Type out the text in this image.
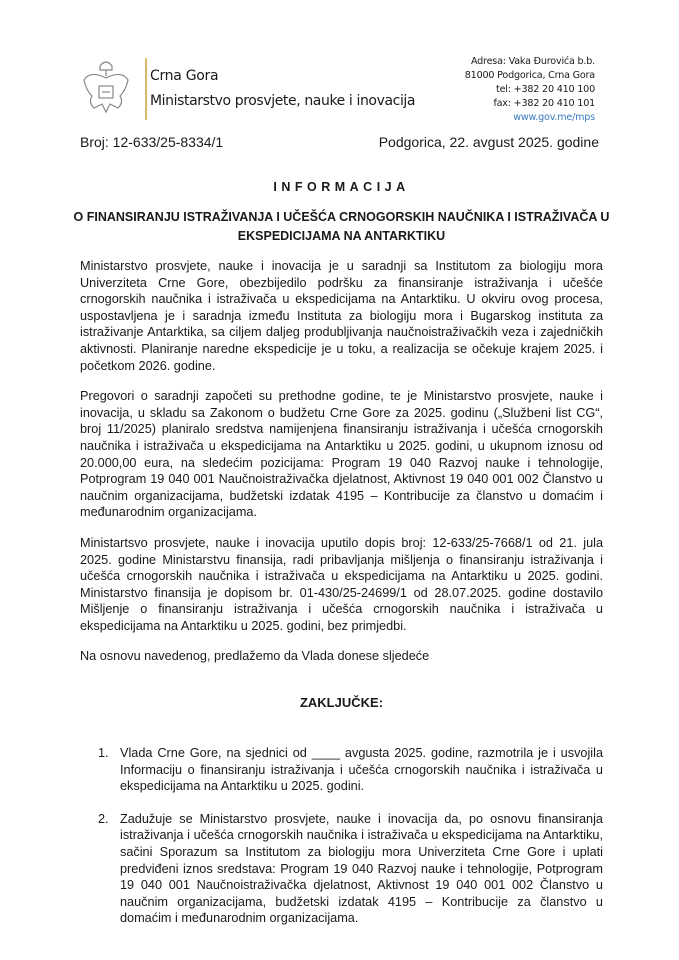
Crna Gora
Ministarstvo prosvjete, nauke i inovacija
Adresa: Vaka Đurovića b.b.
81000 Podgorica, Crna Gora
tel: +382 20 410 100
fax: +382 20 410 101
www.gov.me/mps
Broj: 12-633/25-8334/1	Podgorica, 22. avgust 2025. godine
INFORMACIJA
O FINANSIRANJU ISTRAŽIVANJA I UČEŠĆA CRNOGORSKIH NAUČNIKA I ISTRAŽIVAČA U EKSPEDICIJAMA NA ANTARKTIKU
Ministarstvo prosvjete, nauke i inovacija je u saradnji sa Institutom za biologiju mora Univerziteta Crne Gore, obezbijedilo podršku za finansiranje istraživanja i učešće crnogorskih naučnika i istraživača u ekspedicijama na Antarktiku. U okviru ovog procesa, uspostavljena je i saradnja između Instituta za biologiju mora i Bugarskog instituta za istraživanje Antarktika, sa ciljem daljeg produbljivanja naučnoistraživačkih veza i zajedničkih aktivnosti. Planiranje naredne ekspedicije je u toku, a realizacija se očekuje krajem 2025. i početkom 2026. godine.
Pregovori o saradnji započeti su prethodne godine, te je Ministarstvo prosvjete, nauke i inovacija, u skladu sa Zakonom o budžetu Crne Gore za 2025. godinu („Službeni list CG“, broj 11/2025) planiralo sredstva namijenjena finansiranju istraživanja i učešća crnogorskih naučnika i istraživača u ekspedicijama na Antarktiku u 2025. godini, u ukupnom iznosu od 20.000,00 eura, na sledećim pozicijama: Program 19 040 Razvoj nauke i tehnologije, Potprogram 19 040 001 Naučnoistraživačka djelatnost, Aktivnost 19 040 001 002 Članstvo u naučnim organizacijama, budžetski izdatak 4195 – Kontribucije za članstvo u domaćim i međunarodnim organizacijama.
Ministartsvo prosvjete, nauke i inovacija uputilo dopis broj: 12-633/25-7668/1 od 21. jula 2025. godine Ministarstvu finansija, radi pribavljanja mišljenja o finansiranju istraživanja i učešća crnogorskih naučnika i istraživača u ekspedicijama na Antarktiku u 2025. godini. Ministarstvo finansija je dopisom br. 01-430/25-24699/1 od 28.07.2025. godine dostavilo Mišljenje o finansiranju istraživanja i učešća crnogorskih naučnika i istraživača u ekspedicijama na Antarktiku u 2025. godini, bez primjedbi.
Na osnovu navedenog, predlažemo da Vlada donese sljedeće
ZAKLJUČKE:
1. Vlada Crne Gore, na sjednici od ____ avgusta 2025. godine, razmotrila je i usvojila Informaciju o finansiranju istraživanja i učešća crnogorskih naučnika i istraživača u ekspedicijama na Antarktiku u 2025. godini.
2. Zadužuje se Ministarstvo prosvjete, nauke i inovacija da, po osnovu finansiranja istraživanja i učešća crnogorskih naučnika i istraživača u ekspedicijama na Antarktiku, sačini Sporazum sa Institutom za biologiju mora Univerziteta Crne Gore i uplati predviđeni iznos sredstava: Program 19 040 Razvoj nauke i tehnologije, Potprogram 19 040 001 Naučnoistraživačka djelatnost, Aktivnost 19 040 001 002 Članstvo u naučnim organizacijama, budžetski izdatak 4195 – Kontribucije za članstvo u domaćim i međunarodnim organizacijama.
